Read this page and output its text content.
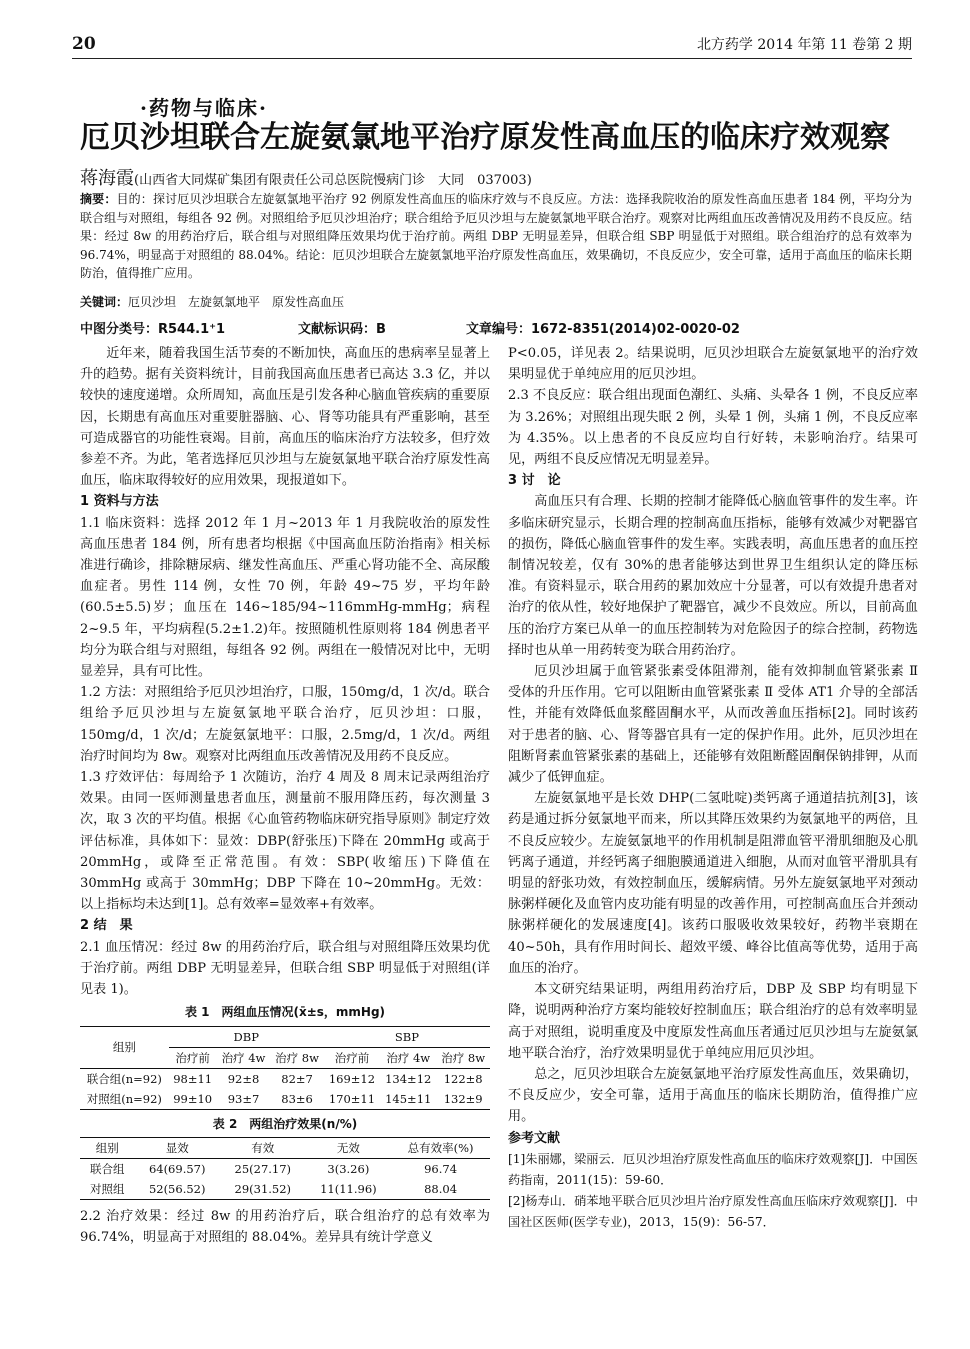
20	北方药学 2014 年第 11 卷第 2 期
·药物与临床·
厄贝沙坦联合左旋氨氯地平治疗原发性高血压的临床疗效观察
蒋海霞(山西省大同煤矿集团有限责任公司总医院慢病门诊　大同　037003)
摘要：目的：探讨厄贝沙坦联合左旋氨氯地平治疗 92 例原发性高血压的临床疗效与不良反应。方法：选择我院收治的原发性高血压患者 184 例，平均分为联合组与对照组，每组各 92 例。对照组给予厄贝沙坦治疗；联合组给予厄贝沙坦与左旋氨氯地平联合治疗。观察对比两组血压改善情况及用药不良反应。结果：经过 8w 的用药治疗后，联合组与对照组降压效果均优于治疗前。两组 DBP 无明显差异，但联合组 SBP 明显低于对照组。联合组治疗的总有效率为 96.74%，明显高于对照组的 88.04%。结论：厄贝沙坦联合左旋氨氯地平治疗原发性高血压，效果确切，不良反应少，安全可靠，适用于高血压的临床长期防治，值得推广应用。
关键词：厄贝沙坦　左旋氨氯地平　原发性高血压
中图分类号：R544.1⁺1	文献标识码：B	文章编号：1672-8351(2014)02-0020-02

近年来，随着我国生活节奏的不断加快，高血压的患病率呈显著上升的趋势。据有关资料统计，目前我国高血压患者已高达 3.3 亿，并以较快的速度递增。众所周知，高血压是引发各种心脑血管疾病的重要原因，长期患有高血压对重要脏器脑、心、肾等功能具有严重影响，甚至可造成器官的功能性衰竭。目前，高血压的临床治疗方法较多，但疗效参差不齐。为此，笔者选择厄贝沙坦与左旋氨氯地平联合治疗原发性高血压，临床取得较好的应用效果，现报道如下。

1 资料与方法

1.1 临床资料：选择 2012 年 1 月~2013 年 1 月我院收治的原发性高血压患者 184 例，所有患者均根据《中国高血压防治指南》相关标准进行确诊，排除糖尿病、继发性高血压、严重心肾功能不全、高尿酸血症者。男性 114 例，女性 70 例，年龄 49~75 岁，平均年龄(60.5±5.5)岁；血压在 146~185/94~116mmHg-mmHg；病程 2~9.5 年，平均病程(5.2±1.2)年。按照随机性原则将 184 例患者平均分为联合组与对照组，每组各 92 例。两组在一般情况对比中，无明显差异，具有可比性。

1.2 方法：对照组给予厄贝沙坦治疗，口服，150mg/d，1 次/d。联合组给予厄贝沙坦与左旋氨氯地平联合治疗，厄贝沙坦：口服，150mg/d，1 次/d；左旋氨氯地平：口服，2.5mg/d，1 次/d。两组治疗时间均为 8w。观察对比两组血压改善情况及用药不良反应。

1.3 疗效评估：每周给予 1 次随访，治疗 4 周及 8 周末记录两组治疗效果。由同一医师测量患者血压，测量前不服用降压药，每次测量 3 次，取 3 次的平均值。根据《心血管药物临床研究指导原则》制定疗效评估标准，具体如下：显效：DBP(舒张压)下降在 20mmHg 或高于 20mmHg，或降至正常范围。有效：SBP(收缩压)下降值在 30mmHg 或高于 30mmHg；DBP 下降在 10~20mmHg。无效：以上指标均未达到[1]。总有效率=显效率+有效率。

2 结　果

2.1 血压情况：经过 8w 的用药治疗后，联合组与对照组降压效果均优于治疗前。两组 DBP 无明显差异，但联合组 SBP 明显低于对照组(详见表 1)。

表 1　两组血压情况(x̄±s，mmHg)
组别	DBP			SBP		
	治疗前	治疗 4w	治疗 8w	治疗前	治疗 4w	治疗 8w
联合组(n=92)	98±11	92±8	82±7	169±12	134±12	122±8
对照组(n=92)	99±10	93±7	83±6	170±11	145±11	132±9
表 2　两组治疗效果(n/%)
组别	显效	有效	无效	总有效率(%)
联合组	64(69.57)	25(27.17)	3(3.26)	96.74
对照组	52(56.52)	29(31.52)	11(11.96)	88.04

2.2 治疗效果：经过 8w 的用药治疗后，联合组治疗的总有效率为 96.74%，明显高于对照组的 88.04%。差异具有统计学意义

P<0.05，详见表 2。结果说明，厄贝沙坦联合左旋氨氯地平的治疗效果明显优于单纯应用的厄贝沙坦。

2.3 不良反应：联合组出现面色潮红、头痛、头晕各 1 例，不良反应率为 3.26%；对照组出现失眠 2 例，头晕 1 例，头痛 1 例，不良反应率为 4.35%。以上患者的不良反应均自行好转，未影响治疗。结果可见，两组不良反应情况无明显差异。

3 讨　论

高血压只有合理、长期的控制才能降低心脑血管事件的发生率。许多临床研究显示，长期合理的控制高血压指标，能够有效减少对靶器官的损伤，降低心脑血管事件的发生率。实践表明，高血压患者的血压控制情况较差，仅有 30%的患者能够达到世界卫生组织认定的降压标准。有资料显示，联合用药的累加效应十分显著，可以有效提升患者对治疗的依从性，较好地保护了靶器官，减少不良效应。所以，目前高血压的治疗方案已从单一的血压控制转为对危险因子的综合控制，药物选择时也从单一用药转变为联合用药治疗。

厄贝沙坦属于血管紧张素受体阻滞剂，能有效抑制血管紧张素 Ⅱ 受体的升压作用。它可以阻断由血管紧张素 Ⅱ 受体 AT1 介导的全部活性，并能有效降低血浆醛固酮水平，从而改善血压指标[2]。同时该药对于患者的脑、心、肾等器官具有一定的保护作用。此外，厄贝沙坦在阻断肾素血管紧张素的基础上，还能够有效阻断醛固酮保钠排钾，从而减少了低钾血症。

左旋氨氯地平是长效 DHP(二氢吡啶)类钙离子通道拮抗剂[3]，该药是通过拆分氨氯地平而来，所以其降压效果约为氨氯地平的两倍，且不良反应较少。左旋氨氯地平的作用机制是阻滞血管平滑肌细胞及心肌钙离子通道，并经钙离子细胞膜通道进入细胞，从而对血管平滑肌具有明显的舒张功效，有效控制血压，缓解病情。另外左旋氨氯地平对颈动脉粥样硬化及血管内皮功能有明显的改善作用，可控制高血压合并颈动脉粥样硬化的发展速度[4]。该药口服吸收效果较好，药物半衰期在 40~50h，具有作用时间长、超效平缓、峰谷比值高等优势，适用于高血压的治疗。

本文研究结果证明，两组用药治疗后，DBP 及 SBP 均有明显下降，说明两种治疗方案均能较好控制血压；联合组治疗的总有效率明显高于对照组，说明重度及中度原发性高血压者通过厄贝沙坦与左旋氨氯地平联合治疗，治疗效果明显优于单纯应用厄贝沙坦。

总之，厄贝沙坦联合左旋氨氯地平治疗原发性高血压，效果确切，不良反应少，安全可靠，适用于高血压的临床长期防治，值得推广应用。

参考文献

[1]朱丽娜，梁丽云．厄贝沙坦治疗原发性高血压的临床疗效观察[J]．中国医药指南，2011(15)：59-60．

[2]杨寿山．硝苯地平联合厄贝沙坦片治疗原发性高血压临床疗效观察[J]．中国社区医师(医学专业)，2013，15(9)：56-57．
